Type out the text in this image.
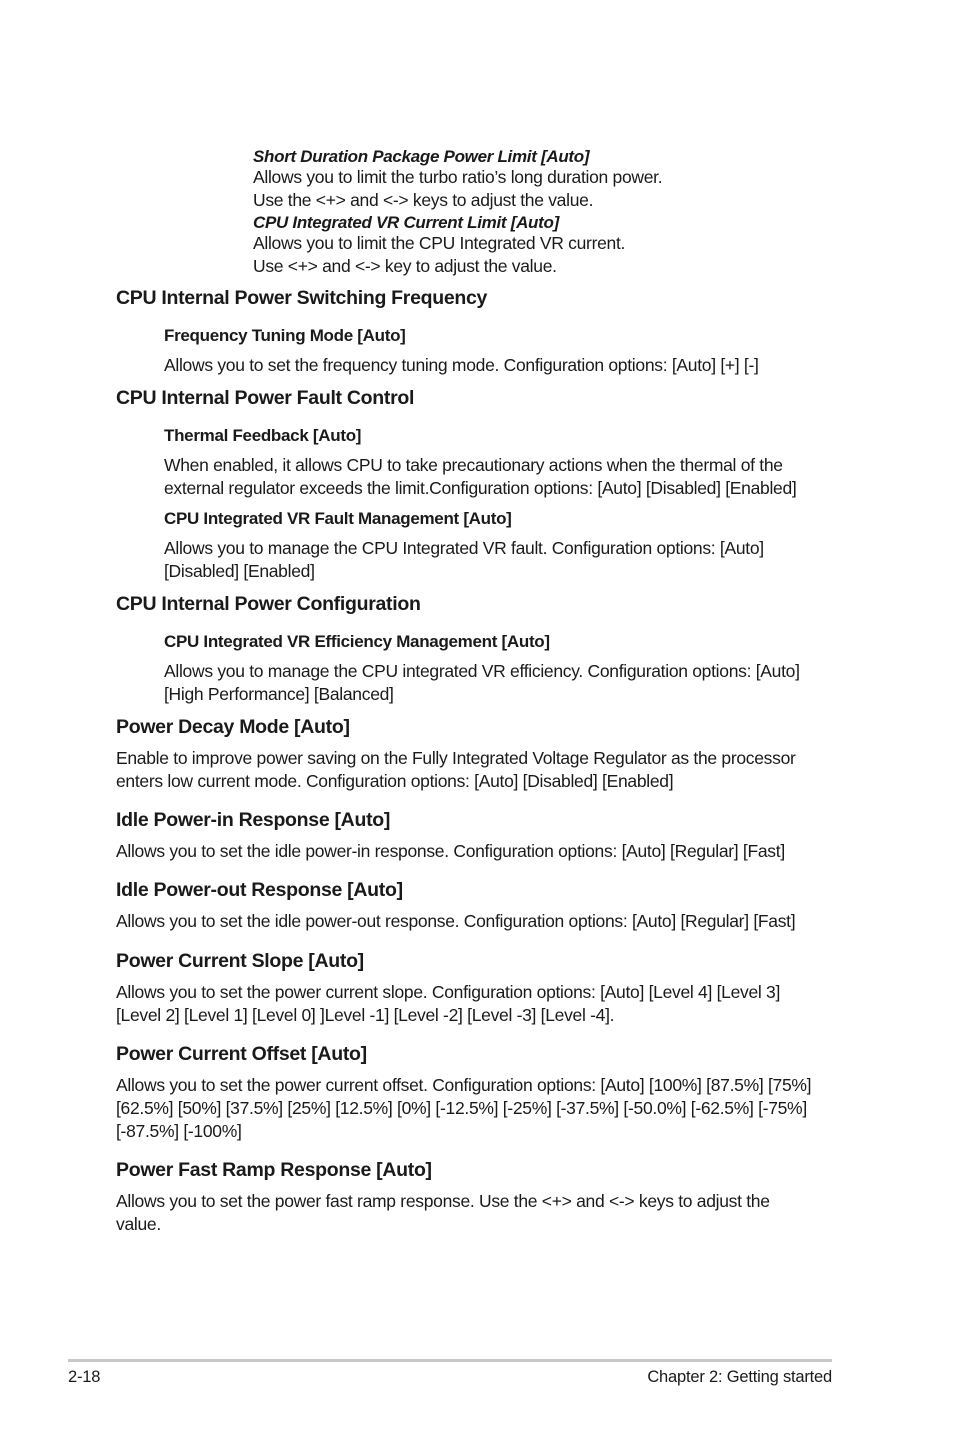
Short Duration Package Power Limit [Auto]
Allows you to limit the turbo ratio’s long duration power.
Use the <+> and <-> keys to adjust the value.
CPU Integrated VR Current Limit [Auto]
Allows you to limit the CPU Integrated VR current.
Use <+> and <-> key to adjust the value.
CPU Internal Power Switching Frequency
Frequency Tuning Mode [Auto]
Allows you to set the frequency tuning mode. Configuration options: [Auto] [+] [-]
CPU Internal Power Fault Control
Thermal Feedback [Auto]
When enabled, it allows CPU to take precautionary actions when the thermal of the
external regulator exceeds the limit.Configuration options: [Auto] [Disabled] [Enabled]
CPU Integrated VR Fault Management [Auto]
Allows you to manage the CPU Integrated VR fault. Configuration options: [Auto]
[Disabled] [Enabled]
CPU Internal Power Configuration
CPU Integrated VR Efficiency Management [Auto]
Allows you to manage the CPU integrated VR efficiency. Configuration options: [Auto]
[High Performance] [Balanced]
Power Decay Mode [Auto]
Enable to improve power saving on the Fully Integrated Voltage Regulator as the processor
enters low current mode. Configuration options: [Auto] [Disabled] [Enabled]
Idle Power-in Response [Auto]
Allows you to set the idle power-in response. Configuration options: [Auto] [Regular] [Fast]
Idle Power-out Response [Auto]
Allows you to set the idle power-out response. Configuration options: [Auto] [Regular] [Fast]
Power Current Slope [Auto]
Allows you to set the power current slope. Configuration options: [Auto] [Level 4] [Level 3]
[Level 2] [Level 1] [Level 0] ]Level -1] [Level -2] [Level -3] [Level -4].
Power Current Offset [Auto]
Allows you to set the power current offset. Configuration options: [Auto] [100%] [87.5%] [75%]
[62.5%] [50%] [37.5%] [25%] [12.5%] [0%] [-12.5%] [-25%] [-37.5%] [-50.0%] [-62.5%] [-75%]
[-87.5%] [-100%]
Power Fast Ramp Response [Auto]
Allows you to set the power fast ramp response. Use the <+> and <-> keys to adjust the
value.
2-18	Chapter 2: Getting started
